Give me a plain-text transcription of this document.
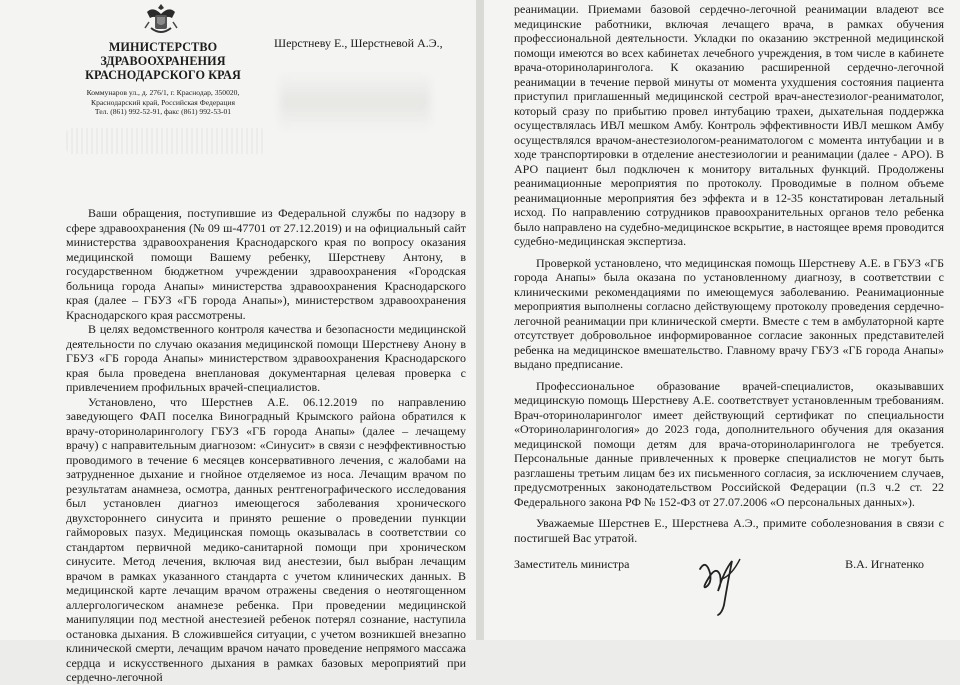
МИНИСТЕРСТВО
ЗДРАВООХРАНЕНИЯ
КРАСНОДАРСКОГО КРАЯ
Коммунаров ул., д. 276/1, г. Краснодар, 350020,
Краснодарский край, Российская Федерация
Тел. (861) 992-52-91, факс (861) 992-53-01
Шерстневу Е., Шерстневой А.Э.,

Ваши обращения, поступившие из Федеральной службы по надзору в сфере здравоохранения (№ 09 ш-47701 от 27.12.2019) и на официальный сайт министерства здравоохранения Краснодарского края по вопросу оказания медицинской помощи Вашему ребенку, Шерстневу Антону, в государственном бюджетном учреждении здравоохранения «Городская больница города Анапы» министерства здравоохранения Краснодарского края (далее – ГБУЗ «ГБ города Анапы»), министерством здравоохранения Краснодарского края рассмотрены.

В целях ведомственного контроля качества и безопасности медицинской деятельности по случаю оказания медицинской помощи Шерстневу Анону в ГБУЗ «ГБ города Анапы» министерством здравоохранения Краснодарского края была проведена внеплановая документарная целевая проверка с привлечением профильных врачей-специалистов.

Установлено, что Шерстнев А.Е. 06.12.2019 по направлению заведующего ФАП поселка Виноградный Крымского района обратился к врачу-оториноларингологу ГБУЗ «ГБ города Анапы» (далее – лечащему врачу) с направительным диагнозом: «Синусит» в связи с неэффективностью проводимого в течение 6 месяцев консервативного лечения, с жалобами на затрудненное дыхание и гнойное отделяемое из носа. Лечащим врачом по результатам анамнеза, осмотра, данных рентгенографического исследования был установлен диагноз имеющегося заболевания хронического двухстороннего синусита и принято решение о проведении пункции гайморовых пазух. Медицинская помощь оказывалась в соответствии со стандартом первичной медико-санитарной помощи при хроническом синусите. Метод лечения, включая вид анестезии, был выбран лечащим врачом в рамках указанного стандарта с учетом клинических данных. В медицинской карте лечащим врачом отражены сведения о неотягощенном аллергологическом анамнезе ребенка. При проведении медицинской манипуляции под местной анестезией ребенок потерял сознание, наступила остановка дыхания. В сложившейся ситуации, с учетом возникшей внезапно клинической смерти, лечащим врачом начато проведение непрямого массажа сердца и искусственного дыхания в рамках базовых мероприятий при сердечно-легочной

реанимации. Приемами базовой сердечно-легочной реанимации владеют все медицинские работники, включая лечащего врача, в рамках обучения профессиональной деятельности. Укладки по оказанию экстренной медицинской помощи имеются во всех кабинетах лечебного учреждения, в том числе в кабинете врача-оториноларинголога. К оказанию расширенной сердечно-легочной реанимации в течение первой минуты от момента ухудшения состояния пациента приступил приглашенный медицинской сестрой врач-анестезиолог-реаниматолог, который сразу по прибытию провел интубацию трахеи, дыхательная поддержка осуществлялась ИВЛ мешком Амбу. Контроль эффективности ИВЛ мешком Амбу осуществлялся врачом-анестезиологом-реаниматологом с момента интубации и в ходе транспортировки в отделение анестезиологии и реанимации (далее - АРО). В АРО пациент был подключен к монитору витальных функций. Продолжены реанимационные мероприятия по протоколу. Проводимые в полном объеме реанимационные мероприятия без эффекта и в 12-35 констатирован летальный исход. По направлению сотрудников правоохранительных органов тело ребенка было направлено на судебно-медицинское вскрытие, в настоящее время проводится судебно-медицинская экспертиза.

Проверкой установлено, что медицинская помощь Шерстневу А.Е. в ГБУЗ «ГБ города Анапы» была оказана по установленному диагнозу, в соответствии с клиническими рекомендациями по имеющемуся заболеванию. Реанимационные мероприятия выполнены согласно действующему протоколу проведения сердечно-легочной реанимации при клинической смерти. Вместе с тем в амбулаторной карте отсутствует добровольное информированное согласие законных представителей ребенка на медицинское вмешательство. Главному врачу ГБУЗ «ГБ города Анапы» выдано предписание.

Профессиональное образование врачей-специалистов, оказывавших медицинскую помощь Шерстневу А.Е. соответствует установленным требованиям. Врач-оториноларинголог имеет действующий сертификат по специальности «Оториноларингология» до 2023 года, дополнительного обучения для оказания медицинской помощи детям для врача-оториноларинголога не требуется. Персональные данные привлеченных к проверке специалистов не могут быть разглашены третьим лицам без их письменного согласия, за исключением случаев, предусмотренных законодательством Российской Федерации (п.3 ч.2 ст. 22 Федерального закона РФ № 152-ФЗ от 27.07.2006 «О персональных данных»).

Уважаемые Шерстнев Е., Шерстнева А.Э., примите соболезнования в связи с постигшей Вас утратой.

Заместитель министра	В.А. Игнатенко
